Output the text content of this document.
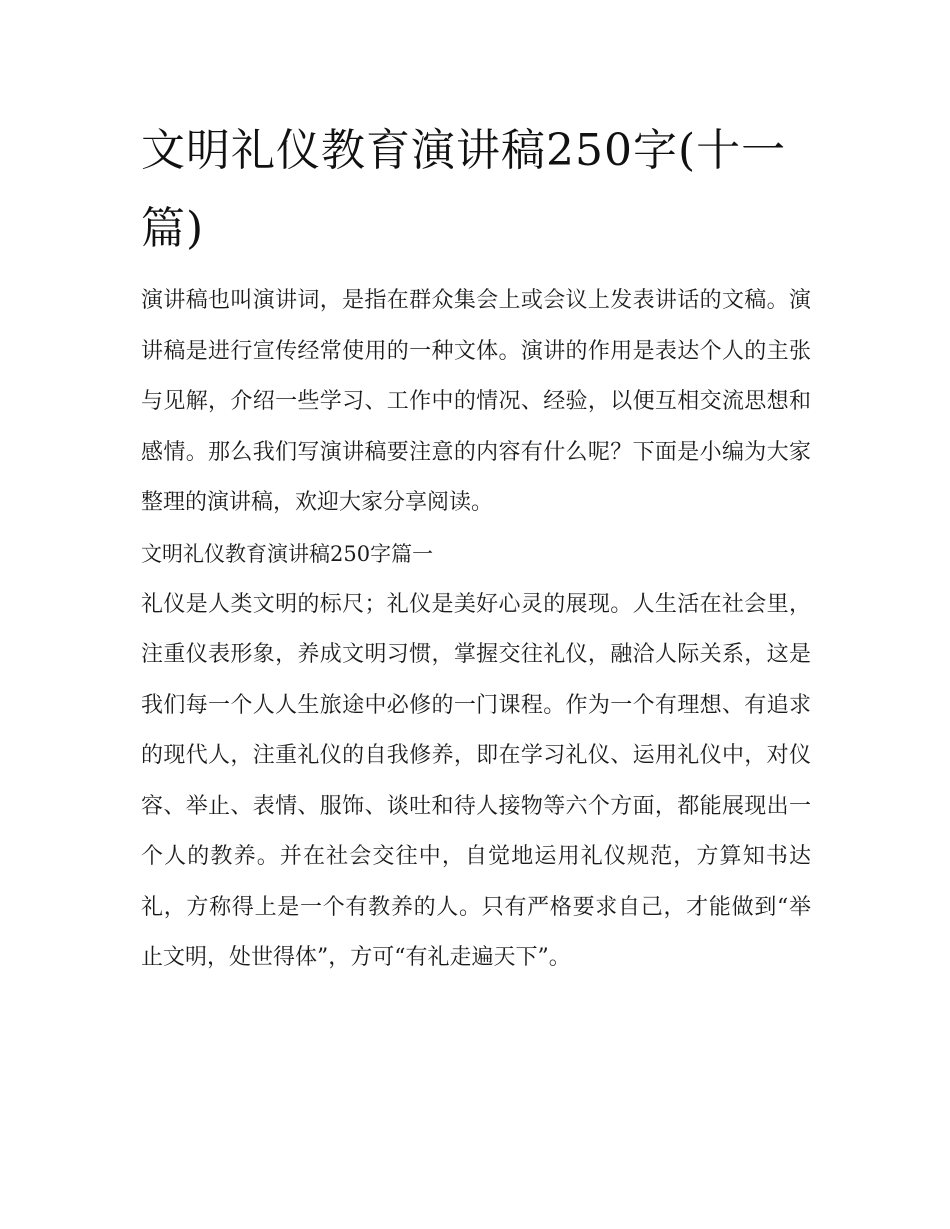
文明礼仪教育演讲稿250字(十一篇)

演讲稿也叫演讲词，是指在群众集会上或会议上发表讲话的文稿。演讲稿是进行宣传经常使用的一种文体。演讲的作用是表达个人的主张与见解，介绍一些学习、工作中的情况、经验，以便互相交流思想和感情。那么我们写演讲稿要注意的内容有什么呢？下面是小编为大家整理的演讲稿，欢迎大家分享阅读。

文明礼仪教育演讲稿250字篇一

礼仪是人类文明的标尺；礼仪是美好心灵的展现。人生活在社会里，注重仪表形象，养成文明习惯，掌握交往礼仪，融洽人际关系，这是我们每一个人人生旅途中必修的一门课程。作为一个有理想、有追求的现代人，注重礼仪的自我修养，即在学习礼仪、运用礼仪中，对仪容、举止、表情、服饰、谈吐和待人接物等六个方面，都能展现出一个人的教养。并在社会交往中，自觉地运用礼仪规范，方算知书达礼，方称得上是一个有教养的人。只有严格要求自己，才能做到“举止文明，处世得体”，方可“有礼走遍天下”。
